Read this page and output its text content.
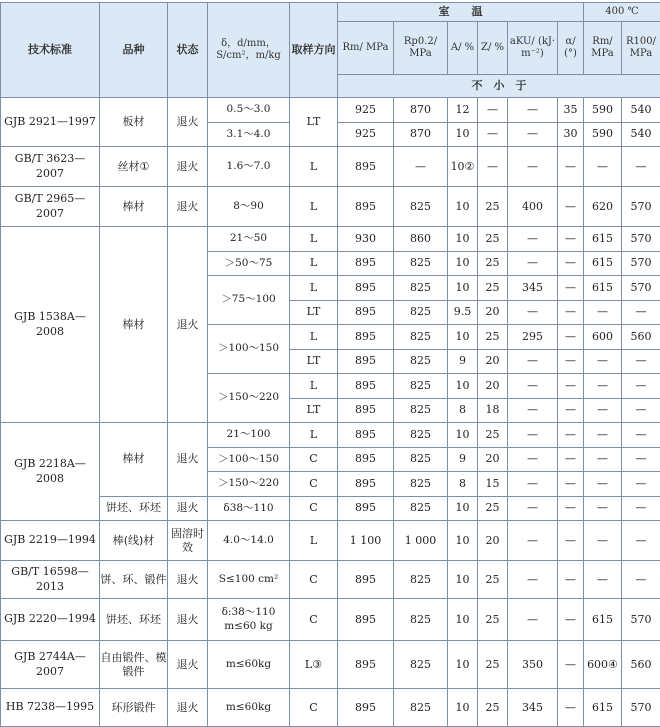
技术标准	品种	状态	δ，d/mm，S/cm²，m/kg	取样方向	室　　温						400 ℃	
					Rm/ MPa	Rp0.2/ MPa	A/ %	Z/ %	aKU/ (kJ· m⁻²)	α/ (°)	Rm/ MPa	R100/ MPa
					不　小　于							
GJB 2921—1997	板材	退火	0.5～3.0	LT	925	870	12	—	—	35	590	540
			3.1～4.0		925	870	10	—	—	30	590	540
GB/T 3623—2007	丝材①	退火	1.6～7.0	L	895	—	10②	—	—	—	—	—
GB/T 2965—2007	棒材	退火	8～90	L	895	825	10	25	400	—	620	570
GJB 1538A—2008	棒材	退火	21～50	L	930	860	10	25	—	—	615	570
			＞50～75	L	895	825	10	25	—	—	615	570
			＞75～100	L	895	825	10	25	345	—	615	570
				LT	895	825	9.5	20	—	—	—	—
			＞100～150	L	895	825	10	25	295	—	600	560
				LT	895	825	9	20	—	—	—	—
			＞150～220	L	895	825	10	20	—	—	—	—
				LT	895	825	8	18	—	—	—	—
GJB 2218A—2008	棒材	退火	21～100	L	895	825	10	25	—	—	—	—
			＞100～150	C	895	825	9	20	—	—	—	—
			＞150～220	C	895	825	8	15	—	—	—	—
	饼坯、环坯	退火	δ38～110	C	895	825	10	25	—	—	—	—
GJB 2219—1994	棒(线)材	固溶时效	4.0～14.0	L	1 100	1 000	10	20	—	—	—	—
GB/T 16598—2013	饼、环、锻件	退火	S≤100 cm²	C	895	825	10	25	—	—	—	—
GJB 2220—1994	饼坯、环坯	退火	δ:38～110 m≤60 kg	C	895	825	10	25	—	—	615	570
GJB 2744A—2007	自由锻件、模锻件	退火	m≤60kg	L③	895	825	10	25	350	—	600④	560
HB 7238—1995	环形锻件	退火	m≤60kg	C	895	825	10	25	345	—	615	570
